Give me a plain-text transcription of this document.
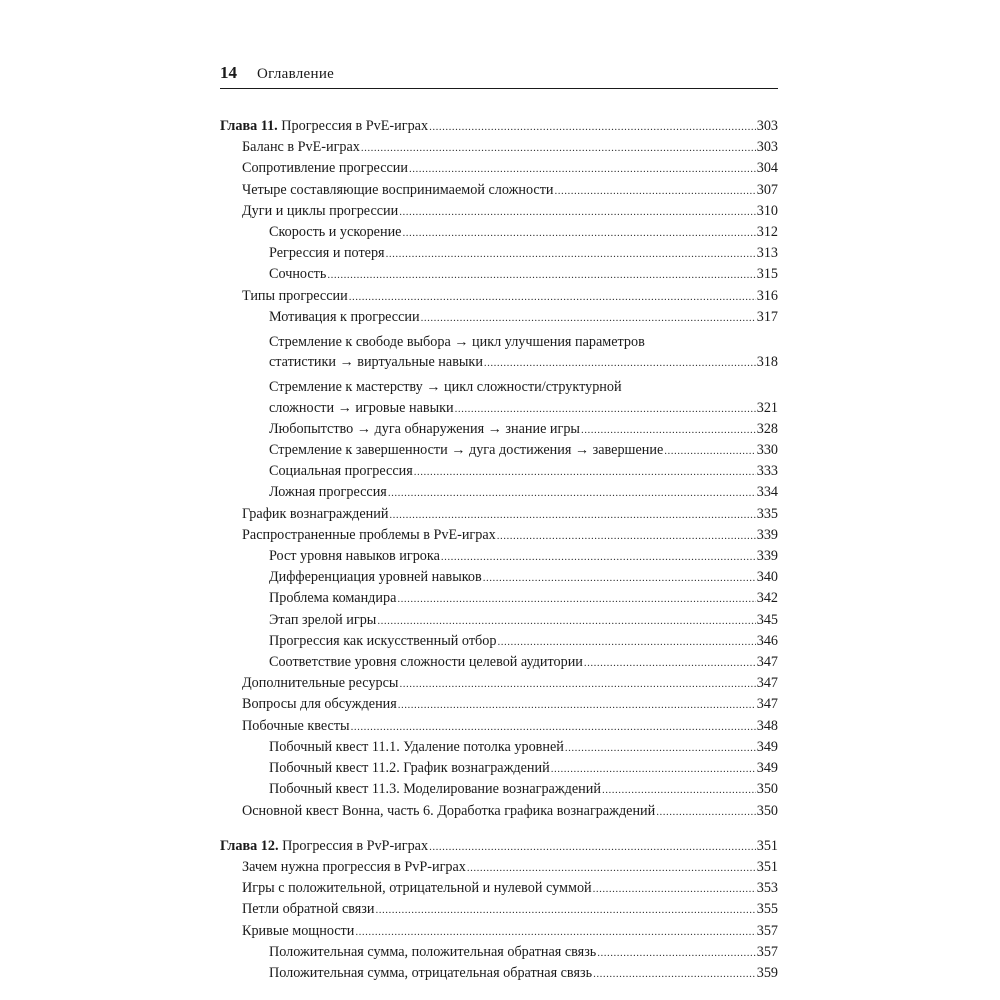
14 Оглавление
Глава 11. Прогрессия в PvE-играх .....	303
Баланс в PvE-играх .....	303
Сопротивление прогрессии .....	304
Четыре составляющие воспринимаемой сложности .....	307
Дуги и циклы прогрессии .....	310
Скорость и ускорение .....	312
Регрессия и потеря .....	313
Сочность .....	315
Типы прогрессии .....	316
Мотивация к прогрессии .....	317
Стремление к свободе выбора → цикл улучшения параметров
статистики → виртуальные навыки .....	318
Стремление к мастерству → цикл сложности/структурной
сложности → игровые навыки .....	321
Любопытство → дуга обнаружения → знание игры .....	328
Стремление к завершенности → дуга достижения → завершение .....	330
Социальная прогрессия .....	333
Ложная прогрессия .....	334
График вознаграждений .....	335
Распространенные проблемы в PvE-играх .....	339
Рост уровня навыков игрока .....	339
Дифференциация уровней навыков .....	340
Проблема командира .....	342
Этап зрелой игры .....	345
Прогрессия как искусственный отбор .....	346
Соответствие уровня сложности целевой аудитории .....	347
Дополнительные ресурсы .....	347
Вопросы для обсуждения .....	347
Побочные квесты .....	348
Побочный квест 11.1. Удаление потолка уровней .....	349
Побочный квест 11.2. График вознаграждений .....	349
Побочный квест 11.3. Моделирование вознаграждений .....	350
Основной квест Вонна, часть 6. Доработка графика вознаграждений .....	350
Глава 12. Прогрессия в PvP-играх .....	351
Зачем нужна прогрессия в PvP-играх .....	351
Игры с положительной, отрицательной и нулевой суммой .....	353
Петли обратной связи .....	355
Кривые мощности .....	357
Положительная сумма, положительная обратная связь .....	357
Положительная сумма, отрицательная обратная связь .....	359
